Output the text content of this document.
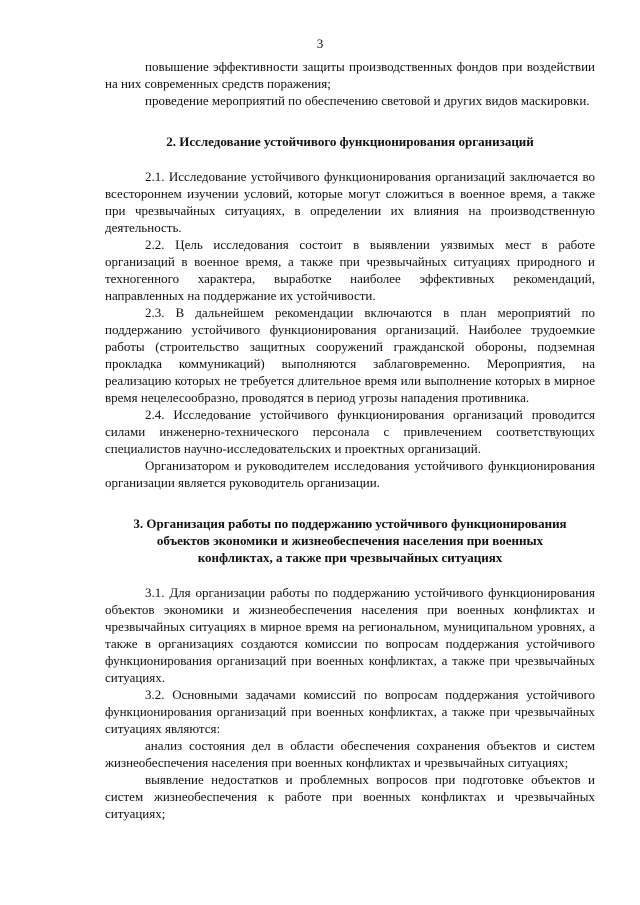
3

повышение эффективности защиты производственных фондов при воздействии на них современных средств поражения;

проведение мероприятий по обеспечению световой и других видов маскировки.

2. Исследование устойчивого функционирования организаций

2.1. Исследование устойчивого функционирования организаций заключается во всестороннем изучении условий, которые могут сложиться в военное время, а также при чрезвычайных ситуациях, в определении их влияния на производственную деятельность.

2.2. Цель исследования состоит в выявлении уязвимых мест в работе организаций в военное время, а также при чрезвычайных ситуациях природного и техногенного характера, выработке наиболее эффективных рекомендаций, направленных на поддержание их устойчивости.

2.3. В дальнейшем рекомендации включаются в план мероприятий по поддержанию устойчивого функционирования организаций. Наиболее трудоемкие работы (строительство защитных сооружений гражданской обороны, подземная прокладка коммуникаций) выполняются заблаговременно. Мероприятия, на реализацию которых не требуется длительное время или выполнение которых в мирное время нецелесообразно, проводятся в период угрозы нападения противника.

2.4. Исследование устойчивого функционирования организаций проводится силами инженерно-технического персонала с привлечением соответствующих специалистов научно-исследовательских и проектных организаций.

Организатором и руководителем исследования устойчивого функционирования организации является руководитель организации.

3. Организация работы по поддержанию устойчивого функционирования объектов экономики и жизнеобеспечения населения при военных конфликтах, а также при чрезвычайных ситуациях

3.1. Для организации работы по поддержанию устойчивого функционирования объектов экономики и жизнеобеспечения населения при военных конфликтах и чрезвычайных ситуациях в мирное время на региональном, муниципальном уровнях, а также в организациях создаются комиссии по вопросам поддержания устойчивого функционирования организаций при военных конфликтах, а также при чрезвычайных ситуациях.

3.2. Основными задачами комиссий по вопросам поддержания устойчивого функционирования организаций при военных конфликтах, а также при чрезвычайных ситуациях являются:

анализ состояния дел в области обеспечения сохранения объектов и систем жизнеобеспечения населения при военных конфликтах и чрезвычайных ситуациях;

выявление недостатков и проблемных вопросов при подготовке объектов и систем жизнеобеспечения к работе при военных конфликтах и чрезвычайных ситуациях;
